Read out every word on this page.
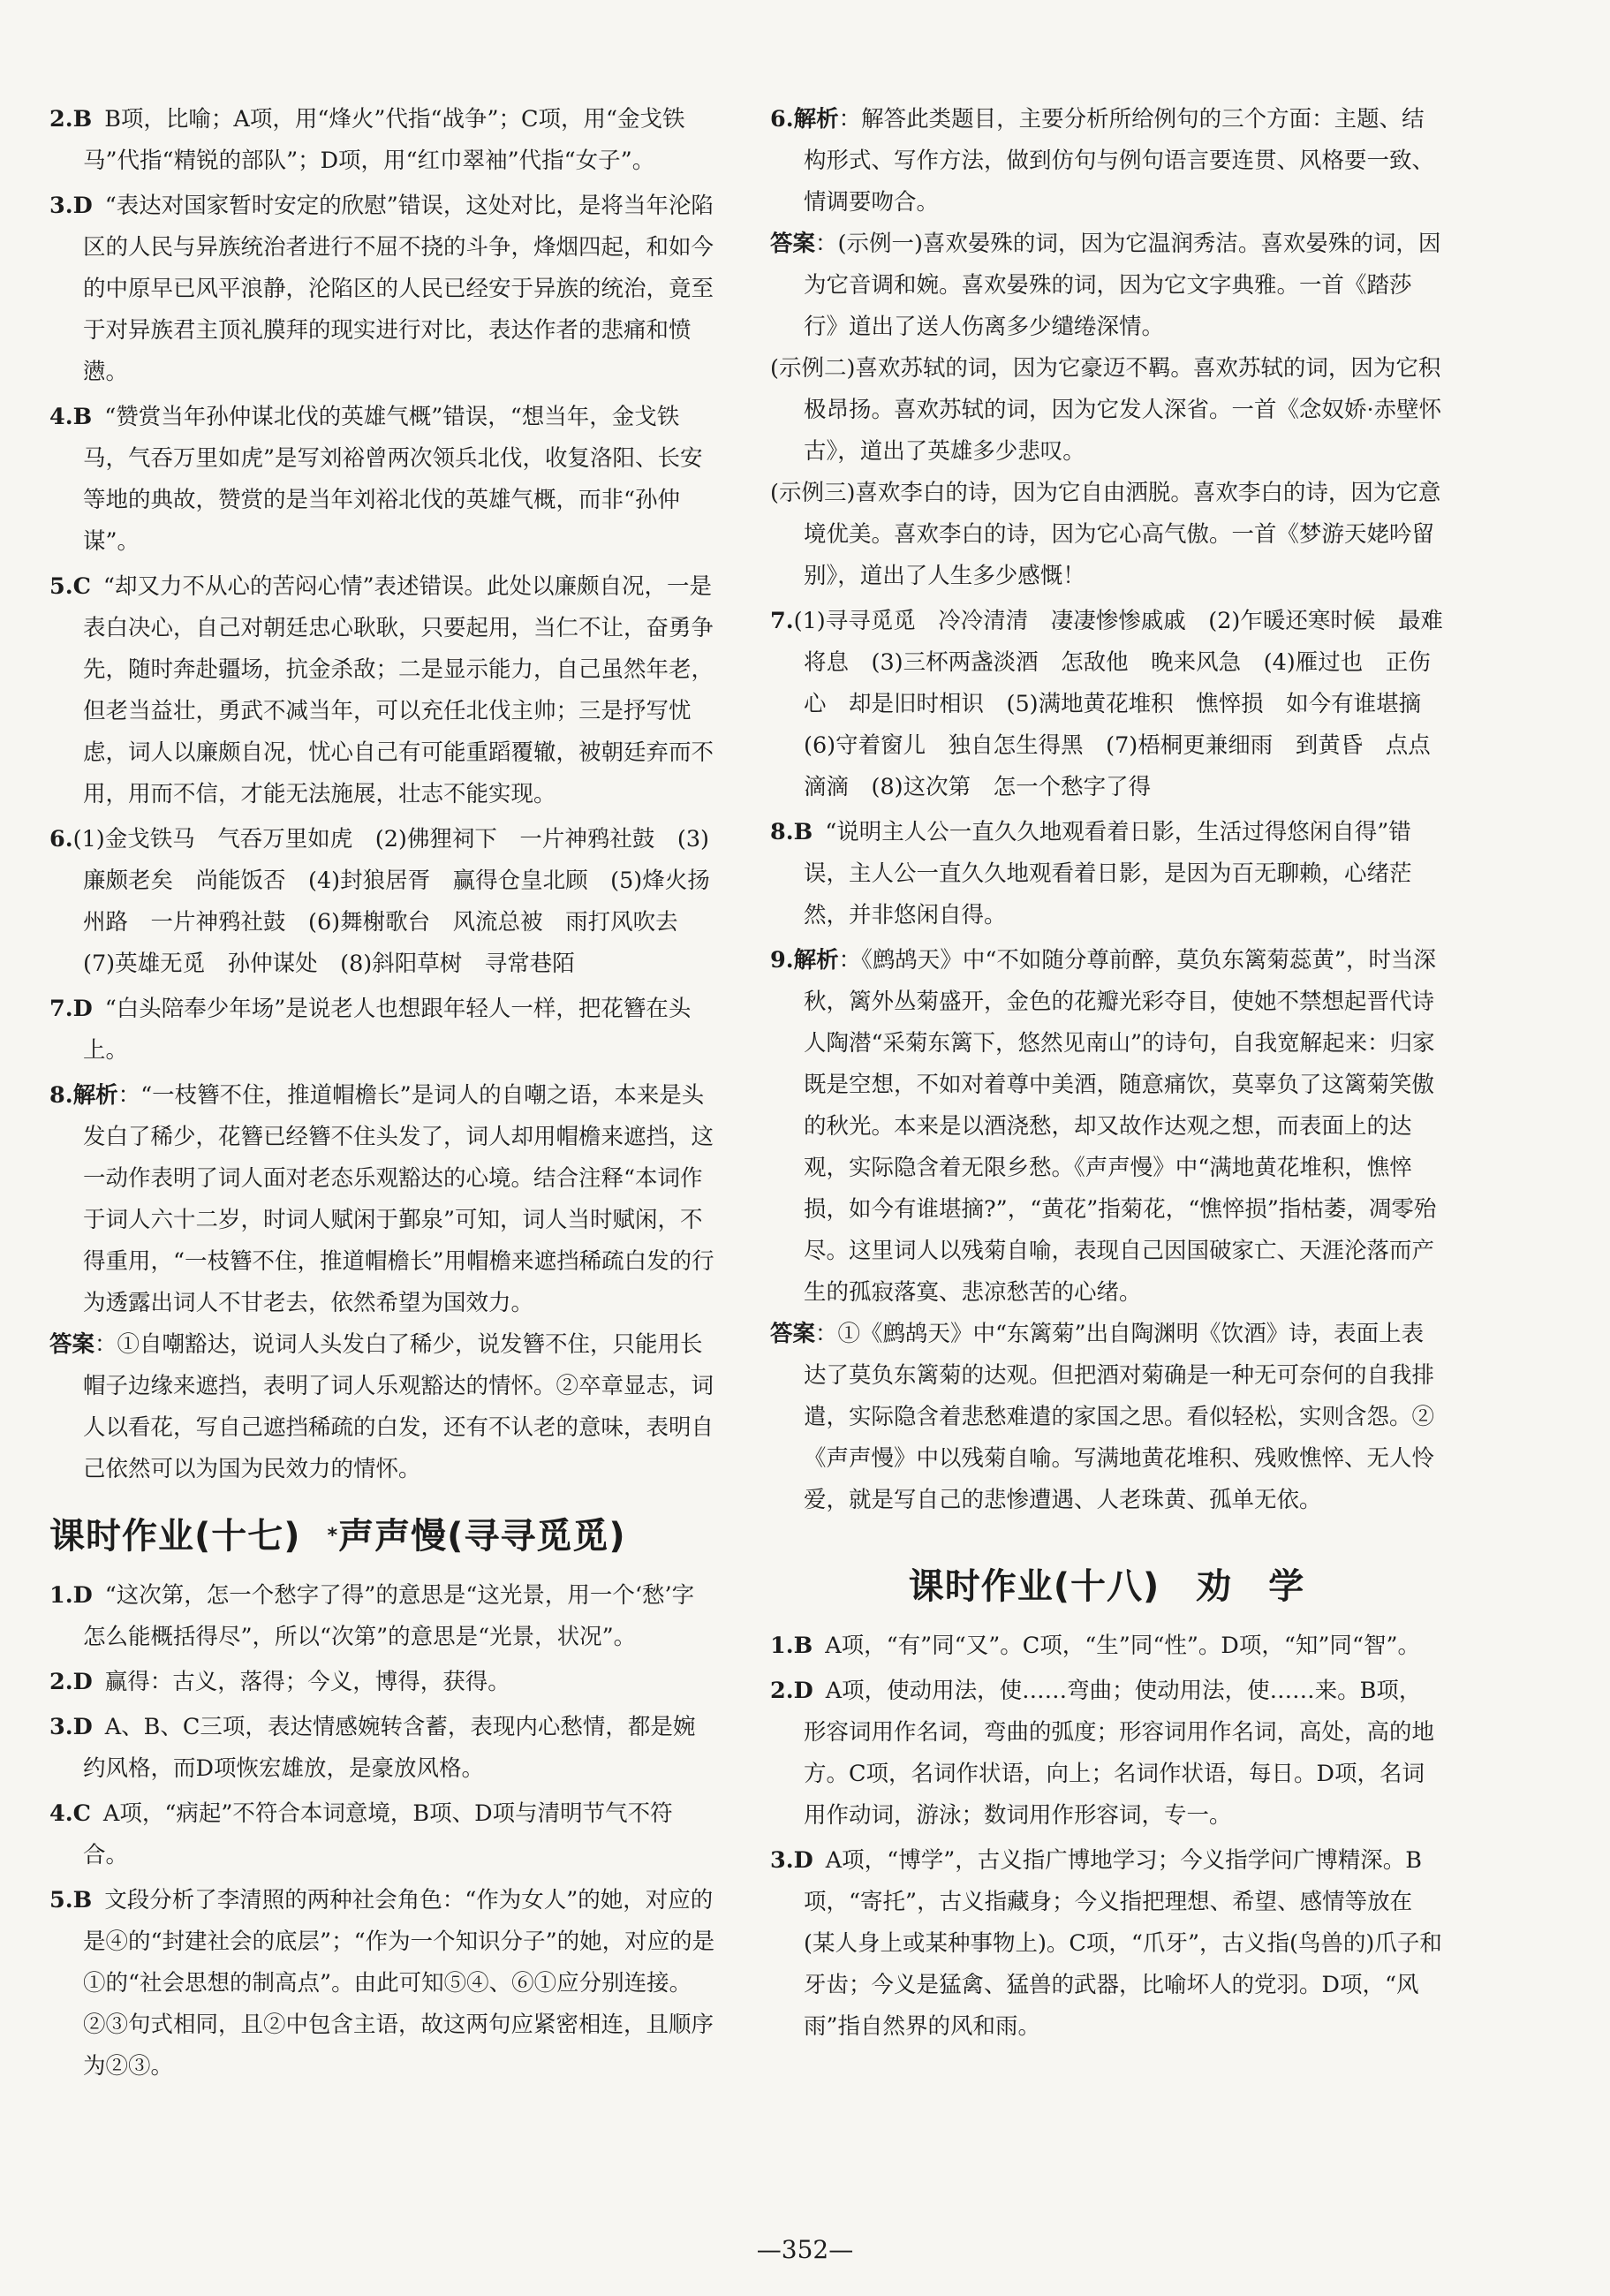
2.B B项，比喻；A项，用“烽火”代指“战争”；C项，用“金戈铁马”代指“精锐的部队”；D项，用“红巾翠袖”代指“女子”。
3.D “表达对国家暂时安定的欣慰”错误，这处对比，是将当年沦陷区的人民与异族统治者进行不屈不挠的斗争，烽烟四起，和如今的中原早已风平浪静，沦陷区的人民已经安于异族的统治，竟至于对异族君主顶礼膜拜的现实进行对比，表达作者的悲痛和愤懑。
4.B “赞赏当年孙仲谋北伐的英雄气概”错误，“想当年，金戈铁马，气吞万里如虎”是写刘裕曾两次领兵北伐，收复洛阳、长安等地的典故，赞赏的是当年刘裕北伐的英雄气概，而非“孙仲谋”。
5.C “却又力不从心的苦闷心情”表述错误。此处以廉颇自况，一是表白决心，自己对朝廷忠心耿耿，只要起用，当仁不让，奋勇争先，随时奔赴疆场，抗金杀敌；二是显示能力，自己虽然年老，但老当益壮，勇武不减当年，可以充任北伐主帅；三是抒写忧虑，词人以廉颇自况，忧心自己有可能重蹈覆辙，被朝廷弃而不用，用而不信，才能无法施展，壮志不能实现。
6.(1)金戈铁马　气吞万里如虎　(2)佛狸祠下　一片神鸦社鼓　(3)廉颇老矣　尚能饭否　(4)封狼居胥　赢得仓皇北顾　(5)烽火扬州路　一片神鸦社鼓　(6)舞榭歌台　风流总被　雨打风吹去　(7)英雄无觅　孙仲谋处　(8)斜阳草树　寻常巷陌
7.D “白头陪奉少年场”是说老人也想跟年轻人一样，把花簪在头上。
8.解析：“一枝簪不住，推道帽檐长”是词人的自嘲之语，本来是头发白了稀少，花簪已经簪不住头发了，词人却用帽檐来遮挡，这一动作表明了词人面对老态乐观豁达的心境。结合注释“本词作于词人六十二岁，时词人赋闲于鄞泉”可知，词人当时赋闲，不得重用，“一枝簪不住，推道帽檐长”用帽檐来遮挡稀疏白发的行为透露出词人不甘老去，依然希望为国效力。

答案：①自嘲豁达，说词人头发白了稀少，说发簪不住，只能用长帽子边缘来遮挡，表明了词人乐观豁达的情怀。②卒章显志，词人以看花，写自己遮挡稀疏的白发，还有不认老的意味，表明自己依然可以为国为民效力的情怀。

课时作业(十七) *声声慢(寻寻觅觅)
1.D “这次第，怎一个愁字了得”的意思是“这光景，用一个‘愁’字怎么能概括得尽”，所以“次第”的意思是“光景，状况”。
2.D 赢得：古义，落得；今义，博得，获得。
3.D A、B、C三项，表达情感婉转含蓄，表现内心愁情，都是婉约风格，而D项恢宏雄放，是豪放风格。
4.C A项，“病起”不符合本词意境，B项、D项与清明节气不符合。
5.B 文段分析了李清照的两种社会角色：“作为女人”的她，对应的是④的“封建社会的底层”；“作为一个知识分子”的她，对应的是①的“社会思想的制高点”。由此可知⑤④、⑥①应分别连接。②③句式相同，且②中包含主语，故这两句应紧密相连，且顺序为②③。
6.解析：解答此类题目，主要分析所给例句的三个方面：主题、结构形式、写作方法，做到仿句与例句语言要连贯、风格要一致、情调要吻合。

答案：(示例一)喜欢晏殊的词，因为它温润秀洁。喜欢晏殊的词，因为它音调和婉。喜欢晏殊的词，因为它文字典雅。一首《踏莎行》道出了送人伤离多少缱绻深情。

(示例二)喜欢苏轼的词，因为它豪迈不羁。喜欢苏轼的词，因为它积极昂扬。喜欢苏轼的词，因为它发人深省。一首《念奴娇·赤壁怀古》，道出了英雄多少悲叹。

(示例三)喜欢李白的诗，因为它自由洒脱。喜欢李白的诗，因为它意境优美。喜欢李白的诗，因为它心高气傲。一首《梦游天姥吟留别》，道出了人生多少感慨！

7.(1)寻寻觅觅　冷冷清清　凄凄惨惨戚戚　(2)乍暖还寒时候　最难将息　(3)三杯两盏淡酒　怎敌他　晚来风急　(4)雁过也　正伤心　却是旧时相识　(5)满地黄花堆积　憔悴损　如今有谁堪摘　(6)守着窗儿　独自怎生得黑　(7)梧桐更兼细雨　到黄昏　点点滴滴　(8)这次第　怎一个愁字了得
8.B “说明主人公一直久久地观看着日影，生活过得悠闲自得”错误，主人公一直久久地观看着日影，是因为百无聊赖，心绪茫然，并非悠闲自得。
9.解析：《鹧鸪天》中“不如随分尊前醉，莫负东篱菊蕊黄”，时当深秋，篱外丛菊盛开，金色的花瓣光彩夺目，使她不禁想起晋代诗人陶潜“采菊东篱下，悠然见南山”的诗句，自我宽解起来：归家既是空想，不如对着尊中美酒，随意痛饮，莫辜负了这篱菊笑傲的秋光。本来是以酒浇愁，却又故作达观之想，而表面上的达观，实际隐含着无限乡愁。《声声慢》中“满地黄花堆积，憔悴损，如今有谁堪摘?”，“黄花”指菊花，“憔悴损”指枯萎，凋零殆尽。这里词人以残菊自喻，表现自己因国破家亡、天涯沦落而产生的孤寂落寞、悲凉愁苦的心绪。

答案：①《鹧鸪天》中“东篱菊”出自陶渊明《饮酒》诗，表面上表达了莫负东篱菊的达观。但把酒对菊确是一种无可奈何的自我排遣，实际隐含着悲愁难遣的家国之思。看似轻松，实则含怨。②《声声慢》中以残菊自喻。写满地黄花堆积、残败憔悴、无人怜爱，就是写自己的悲惨遭遇、人老珠黄、孤单无依。

课时作业(十八)　劝　学
1.B A项，“有”同“又”。C项，“生”同“性”。D项，“知”同“智”。
2.D A项，使动用法，使……弯曲；使动用法，使……来。B项，形容词用作名词，弯曲的弧度；形容词用作名词，高处，高的地方。C项，名词作状语，向上；名词作状语，每日。D项，名词用作动词，游泳；数词用作形容词，专一。
3.D A项，“博学”，古义指广博地学习；今义指学问广博精深。B项，“寄托”，古义指藏身；今义指把理想、希望、感情等放在(某人身上或某种事物上)。C项，“爪牙”，古义指(鸟兽的)爪子和牙齿；今义是猛禽、猛兽的武器，比喻坏人的党羽。D项，“风雨”指自然界的风和雨。
—352—
